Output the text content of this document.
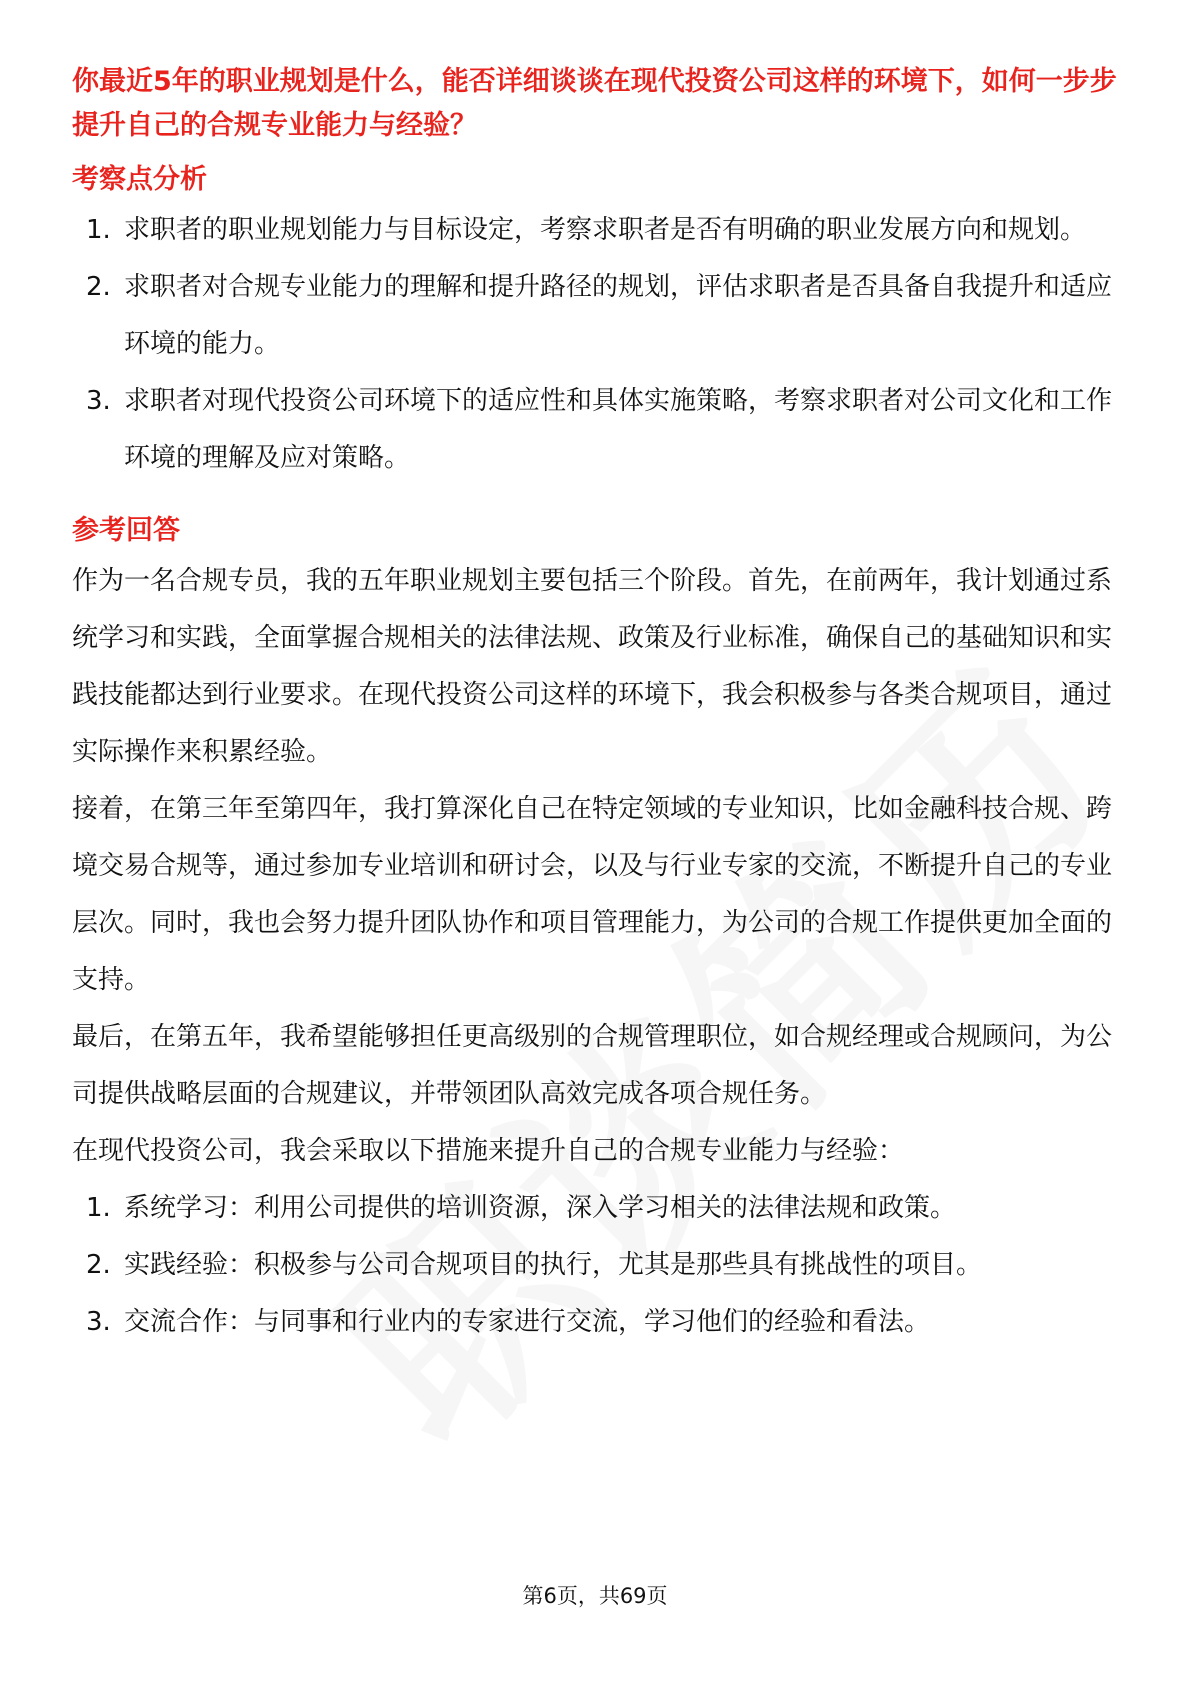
你最近5年的职业规划是什么，能否详细谈谈在现代投资公司这样的环境下，如何一步步提升自己的合规专业能力与经验？
考察点分析
1. 求职者的职业规划能力与目标设定，考察求职者是否有明确的职业发展方向和规划。
2. 求职者对合规专业能力的理解和提升路径的规划，评估求职者是否具备自我提升和适应环境的能力。
3. 求职者对现代投资公司环境下的适应性和具体实施策略，考察求职者对公司文化和工作环境的理解及应对策略。
参考回答

作为一名合规专员，我的五年职业规划主要包括三个阶段。首先，在前两年，我计划通过系统学习和实践，全面掌握合规相关的法律法规、政策及行业标准，确保自己的基础知识和实践技能都达到行业要求。在现代投资公司这样的环境下，我会积极参与各类合规项目，通过实际操作来积累经验。

接着，在第三年至第四年，我打算深化自己在特定领域的专业知识，比如金融科技合规、跨境交易合规等，通过参加专业培训和研讨会，以及与行业专家的交流，不断提升自己的专业层次。同时，我也会努力提升团队协作和项目管理能力，为公司的合规工作提供更加全面的支持。

最后，在第五年，我希望能够担任更高级别的合规管理职位，如合规经理或合规顾问，为公司提供战略层面的合规建议，并带领团队高效完成各项合规任务。

在现代投资公司，我会采取以下措施来提升自己的合规专业能力与经验：

1. 系统学习：利用公司提供的培训资源，深入学习相关的法律法规和政策。
2. 实践经验：积极参与公司合规项目的执行，尤其是那些具有挑战性的项目。
3. 交流合作：与同事和行业内的专家进行交流，学习他们的经验和看法。
第6页，共69页
